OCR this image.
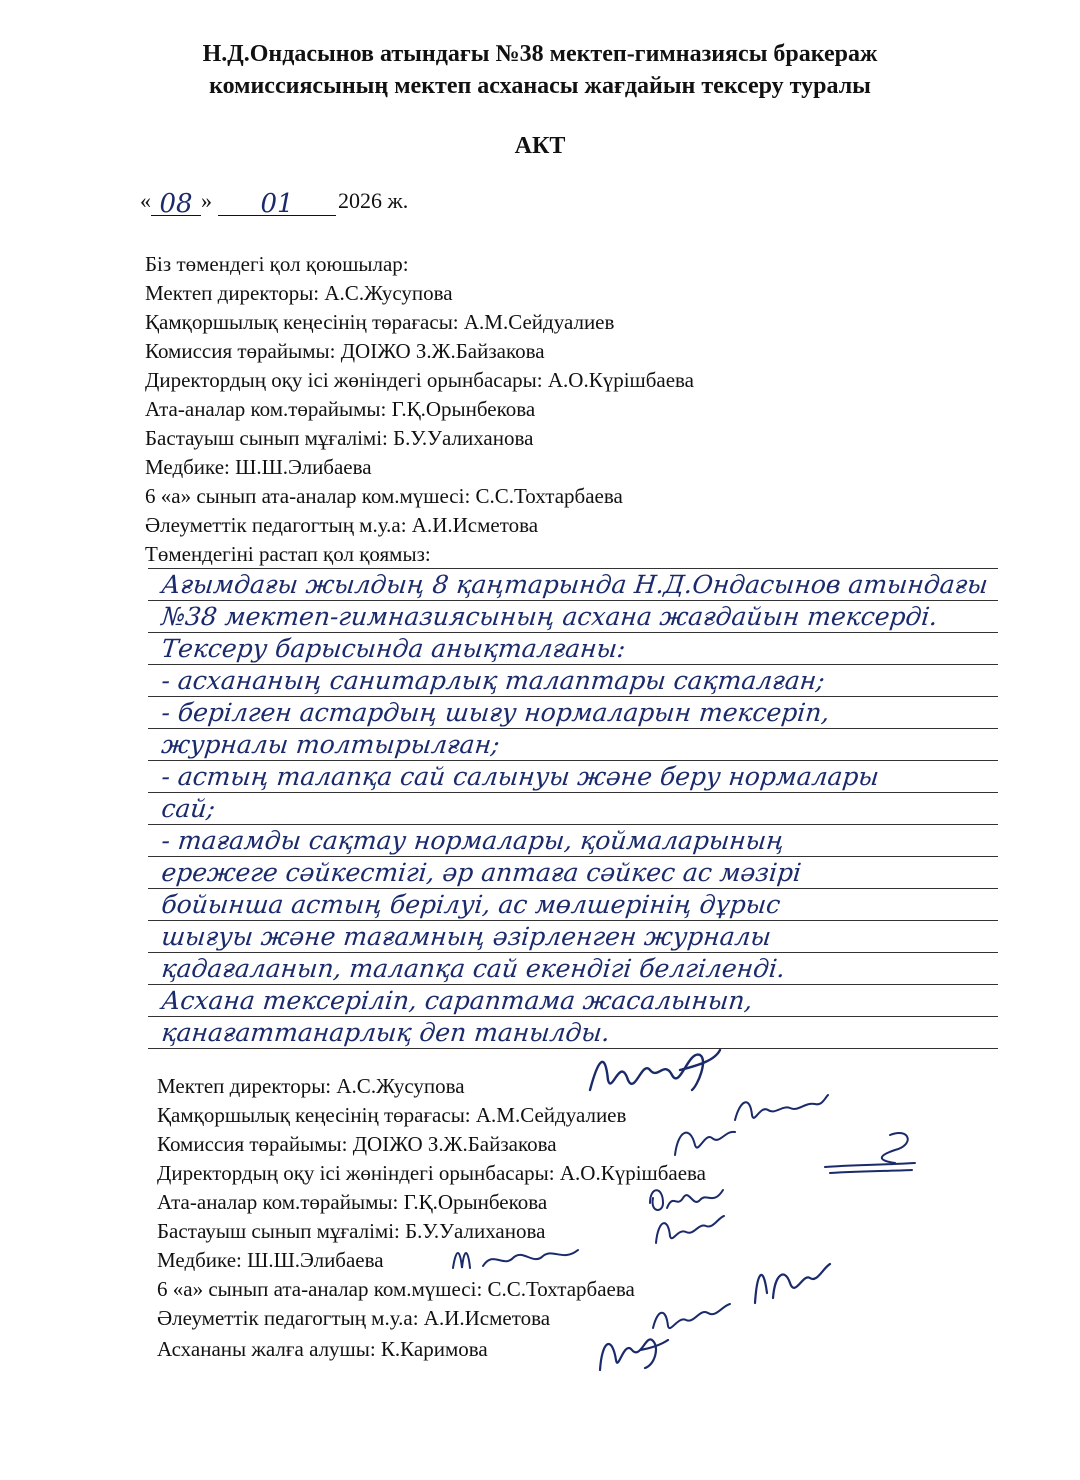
Н.Д.Ондасынов атындағы №38 мектеп-гимназиясы бракераж
комиссиясының мектеп асханасы жағдайын тексеру туралы
АКТ
« 08 » 01 2026 ж.
Біз төмендегі қол қоюшылар:
Мектеп директоры: А.С.Жусупова
Қамқоршылық кеңесінің төрағасы: А.М.Сейдуалиев
Комиссия төрайымы: ДОІЖО З.Ж.Байзакова
Директордың оқу ісі жөніндегі орынбасары: А.О.Күрішбаева
Ата-аналар ком.төрайымы: Г.Қ.Орынбекова
Бастауыш сынып мұғалімі: Б.У.Уалиханова
Медбике: Ш.Ш.Элибаева
6 «а» сынып ата-аналар ком.мүшесі: С.С.Тохтарбаева
Әлеуметтік педагогтың м.у.а: А.И.Исметова
Төмендегіні растап қол қоямыз:
Ағымдағы жылдың 8 қаңтарында Н.Д.Ондасынов атындағы
№38 мектеп-гимназиясының асхана жағдайын тексерді.
Тексеру барысында анықталғаны:
- асхананың санитарлық талаптары сақталған;
- берілген астардың шығу нормаларын тексеріп,
журналы толтырылған;
- астың талапқа сай салынуы және беру нормалары
сай;
- тағамды сақтау нормалары, қоймаларының
ережеге сәйкестігі, әр аптаға сәйкес ас мәзірі
бойынша астың берілуі, ас мөлшерінің дұрыс
шығуы және тағамның әзірленген журналы
қадағаланып, талапқа сай екендігі белгіленді.
Асхана тексеріліп, сараптама жасалынып,
қанағаттанарлық деп танылды.
Мектеп директоры: А.С.Жусупова
Қамқоршылық кеңесінің төрағасы: А.М.Сейдуалиев
Комиссия төрайымы: ДОІЖО З.Ж.Байзакова
Директордың оқу ісі жөніндегі орынбасары: А.О.Күрішбаева
Ата-аналар ком.төрайымы: Г.Қ.Орынбекова
Бастауыш сынып мұғалімі: Б.У.Уалиханова
Медбике: Ш.Ш.Элибаева
6 «а» сынып ата-аналар ком.мүшесі: С.С.Тохтарбаева
Әлеуметтік педагогтың м.у.а: А.И.Исметова
Асхананы жалға алушы: К.Каримова
